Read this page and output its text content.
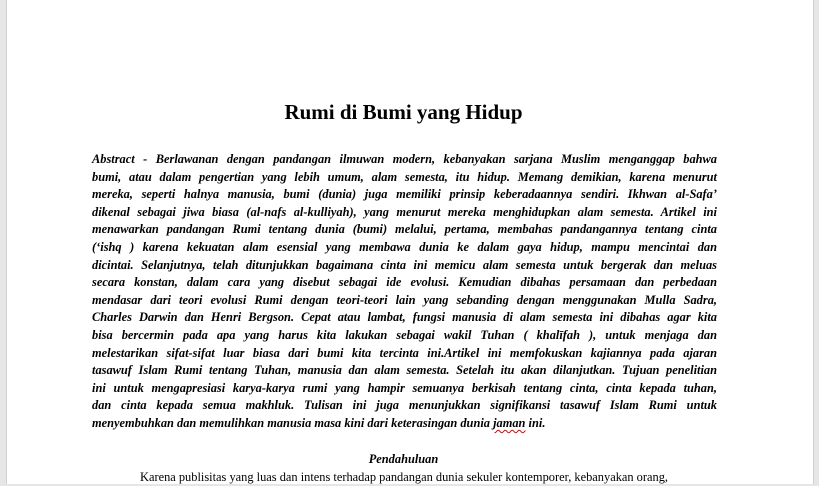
Rumi di Bumi yang Hidup
Abstract - Berlawanan dengan pandangan ilmuwan modern, kebanyakan sarjana Muslim menganggap bahwa
bumi, atau dalam pengertian yang lebih umum, alam semesta, itu hidup. Memang demikian, karena menurut
mereka, seperti halnya manusia, bumi (dunia) juga memiliki prinsip keberadaannya sendiri. Ikhwan al-Safa’
dikenal sebagai jiwa biasa (al-nafs al-kulliyah), yang menurut mereka menghidupkan alam semesta. Artikel ini
menawarkan pandangan Rumi tentang dunia (bumi) melalui, pertama, membahas pandangannya tentang cinta
(‘ishq ) karena kekuatan alam esensial yang membawa dunia ke dalam gaya hidup, mampu mencintai dan
dicintai. Selanjutnya, telah ditunjukkan bagaimana cinta ini memicu alam semesta untuk bergerak dan meluas
secara konstan, dalam cara yang disebut sebagai ide evolusi. Kemudian dibahas persamaan dan perbedaan
mendasar dari teori evolusi Rumi dengan teori-teori lain yang sebanding dengan menggunakan Mulla Sadra,
Charles Darwin dan Henri Bergson. Cepat atau lambat, fungsi manusia di alam semesta ini dibahas agar kita
bisa bercermin pada apa yang harus kita lakukan sebagai wakil Tuhan ( khalīfah ), untuk menjaga dan
melestarikan sifat-sifat luar biasa dari bumi kita tercinta ini.Artikel ini memfokuskan kajiannya pada ajaran
tasawuf Islam Rumi tentang Tuhan, manusia dan alam semesta. Setelah itu akan dilanjutkan. Tujuan penelitian
ini untuk mengapresiasi karya-karya rumi yang hampir semuanya berkisah tentang cinta, cinta kepada tuhan,
dan cinta kepada semua makhluk. Tulisan ini juga menunjukkan signifikansi tasawuf Islam Rumi untuk
menyembuhkan dan memulihkan manusia masa kini dari keterasingan dunia jaman ini.
Pendahuluan
Karena publisitas yang luas dan intens terhadap pandangan dunia sekuler kontemporer, kebanyakan orang,
